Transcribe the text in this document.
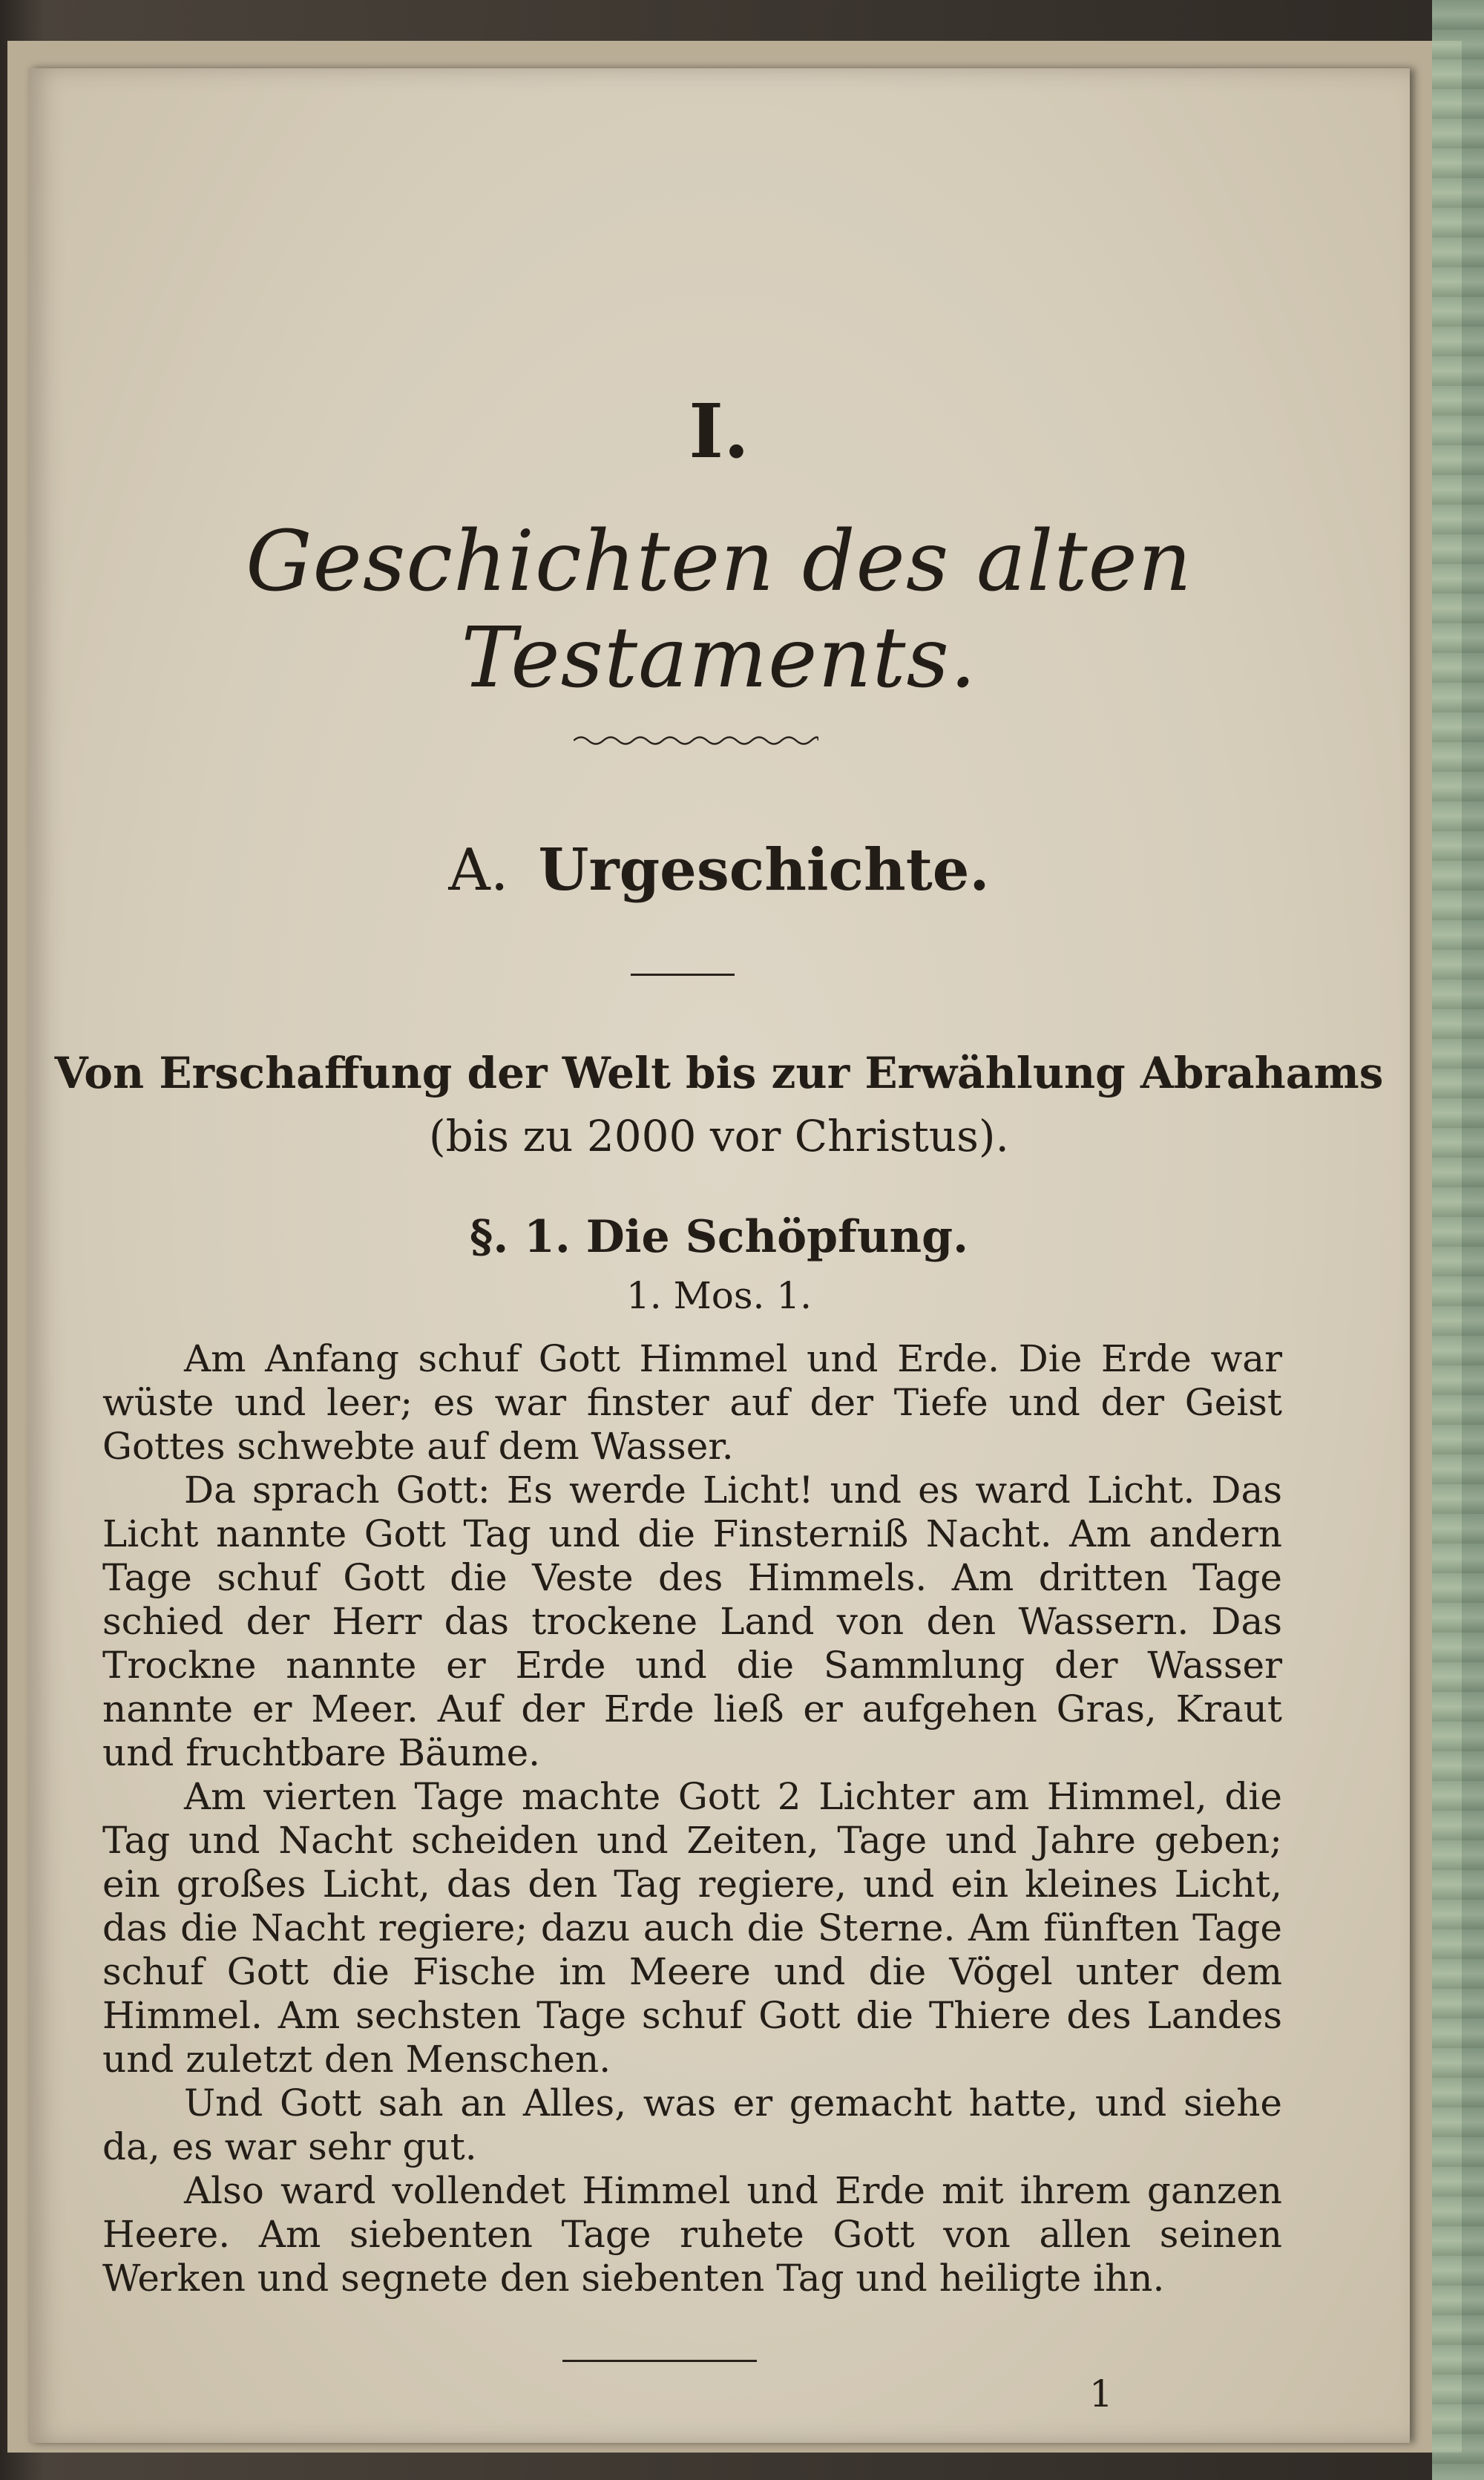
I.
Geschichten des alten Testaments.
A. Urgeschichte.
Von Erschaffung der Welt bis zur Erwählung Abrahams
(bis zu 2000 vor Christus).
§. 1. Die Schöpfung.
1. Mos. 1.

Am Anfang schuf Gott Himmel und Erde. Die Erde war wüste und leer; es war finster auf der Tiefe und der Geist Gottes schwebte auf dem Wasser.

Da sprach Gott: Es werde Licht! und es ward Licht. Das Licht nannte Gott Tag und die Finsterniß Nacht. Am andern Tage schuf Gott die Veste des Himmels. Am dritten Tage schied der Herr das trockene Land von den Wassern. Das Trockne nannte er Erde und die Sammlung der Wasser nannte er Meer. Auf der Erde ließ er aufgehen Gras, Kraut und fruchtbare Bäume.

Am vierten Tage machte Gott 2 Lichter am Himmel, die Tag und Nacht scheiden und Zeiten, Tage und Jahre geben; ein großes Licht, das den Tag regiere, und ein kleines Licht, das die Nacht regiere; dazu auch die Sterne. Am fünften Tage schuf Gott die Fische im Meere und die Vögel unter dem Himmel. Am sechsten Tage schuf Gott die Thiere des Landes und zuletzt den Menschen.

Und Gott sah an Alles, was er gemacht hatte, und siehe da, es war sehr gut.

Also ward vollendet Himmel und Erde mit ihrem ganzen Heere. Am siebenten Tage ruhete Gott von allen seinen Werken und segnete den siebenten Tag und heiligte ihn.

1
